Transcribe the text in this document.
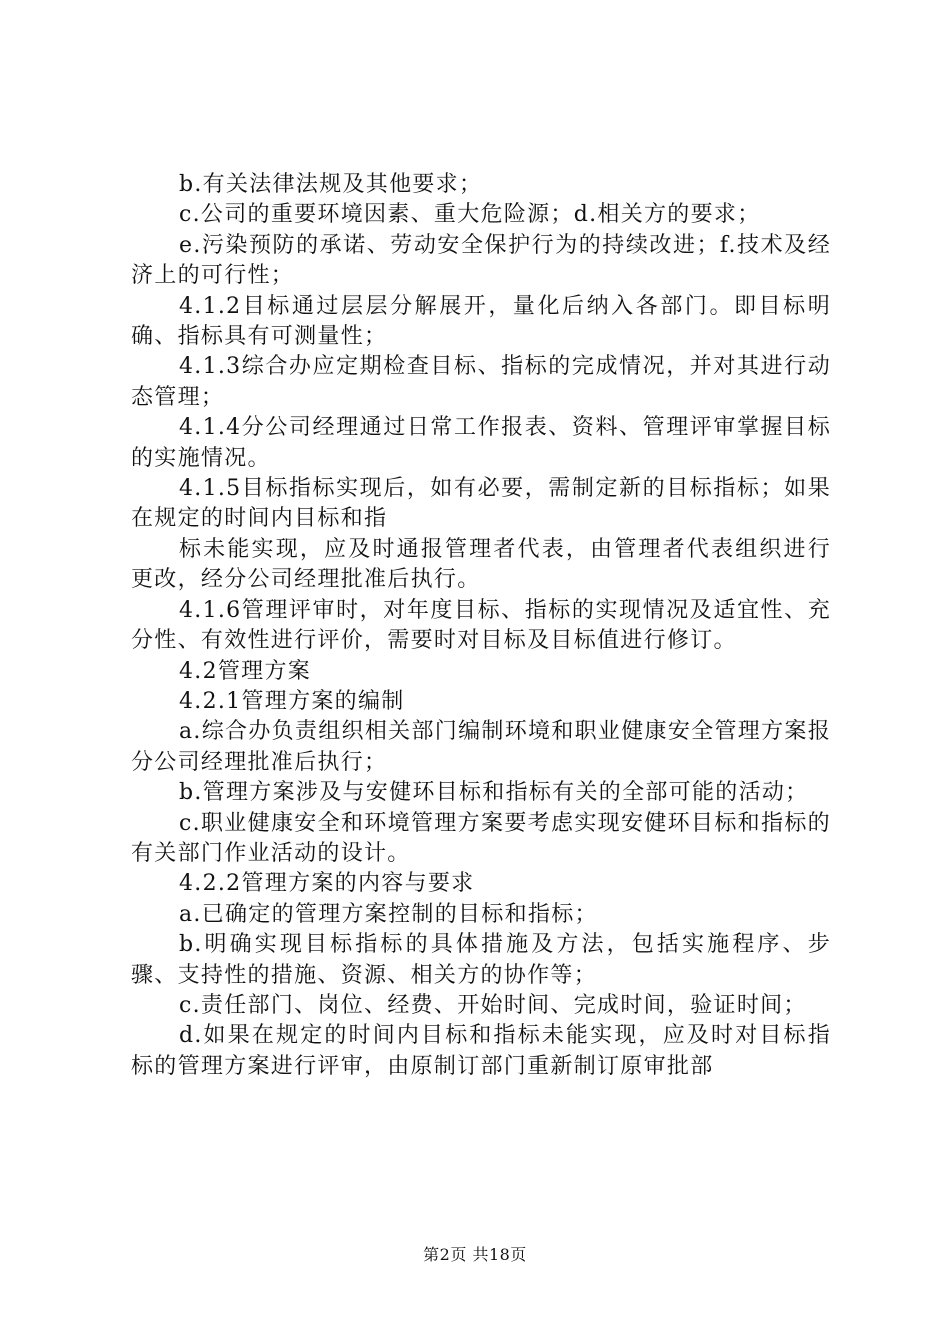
b.有关法律法规及其他要求；

c.公司的重要环境因素、重大危险源；d.相关方的要求；

e.污染预防的承诺、劳动安全保护行为的持续改进；f.技术及经济上的可行性；

4.1.2目标通过层层分解展开，量化后纳入各部门。即目标明确、指标具有可测量性；

4.1.3综合办应定期检查目标、指标的完成情况，并对其进行动态管理；

4.1.4分公司经理通过日常工作报表、资料、管理评审掌握目标的实施情况。

4.1.5目标指标实现后，如有必要，需制定新的目标指标；如果在规定的时间内目标和指

标未能实现，应及时通报管理者代表，由管理者代表组织进行更改，经分公司经理批准后执行。

4.1.6管理评审时，对年度目标、指标的实现情况及适宜性、充分性、有效性进行评价，需要时对目标及目标值进行修订。

4.2管理方案

4.2.1管理方案的编制

a.综合办负责组织相关部门编制环境和职业健康安全管理方案报分公司经理批准后执行；

b.管理方案涉及与安健环目标和指标有关的全部可能的活动；

c.职业健康安全和环境管理方案要考虑实现安健环目标和指标的有关部门作业活动的设计。

4.2.2管理方案的内容与要求

a.已确定的管理方案控制的目标和指标；

b.明确实现目标指标的具体措施及方法，包括实施程序、步骤、支持性的措施、资源、相关方的协作等；

c.责任部门、岗位、经费、开始时间、完成时间，验证时间；

d.如果在规定的时间内目标和指标未能实现，应及时对目标指标的管理方案进行评审，由原制订部门重新制订原审批部

第2页 共18页
